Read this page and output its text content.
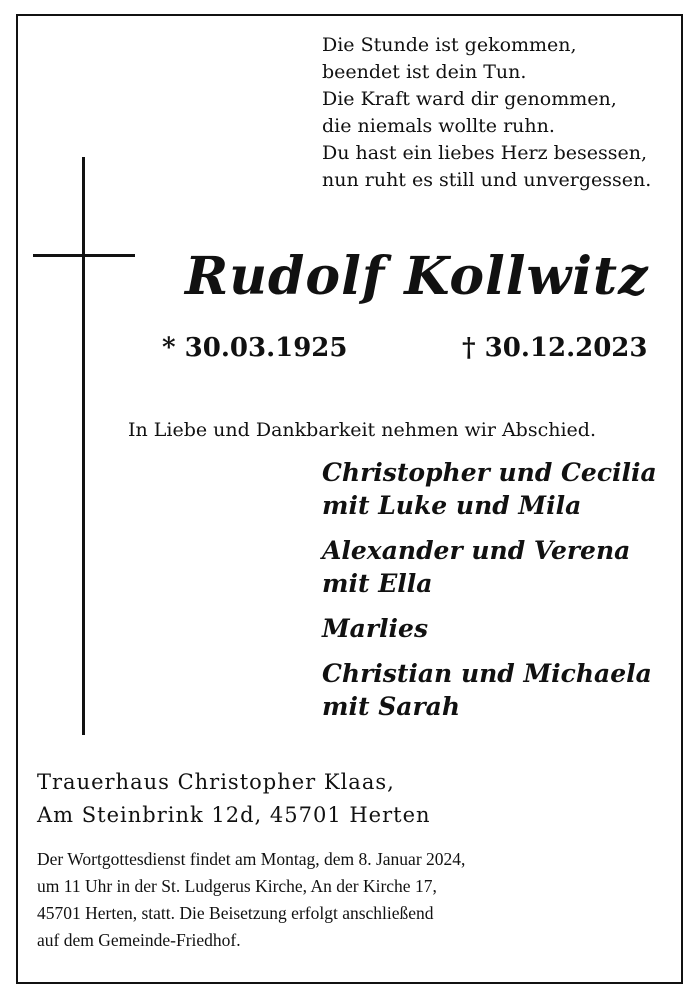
Die Stunde ist gekommen,
beendet ist dein Tun.
Die Kraft ward dir genommen,
die niemals wollte ruhn.
Du hast ein liebes Herz besessen,
nun ruht es still und unvergessen.
Rudolf Kollwitz
* 30.03.1925	† 30.12.2023
In Liebe und Dankbarkeit nehmen wir Abschied.
Christopher und Cecilia
mit Luke und Mila
Alexander und Verena
mit Ella
Marlies
Christian und Michaela
mit Sarah
Trauerhaus Christopher Klaas,
Am Steinbrink 12d, 45701 Herten
Der Wortgottesdienst findet am Montag, dem 8. Januar 2024,
um 11 Uhr in der St. Ludgerus Kirche, An der Kirche 17,
45701 Herten, statt. Die Beisetzung erfolgt anschließend
auf dem Gemeinde-Friedhof.
